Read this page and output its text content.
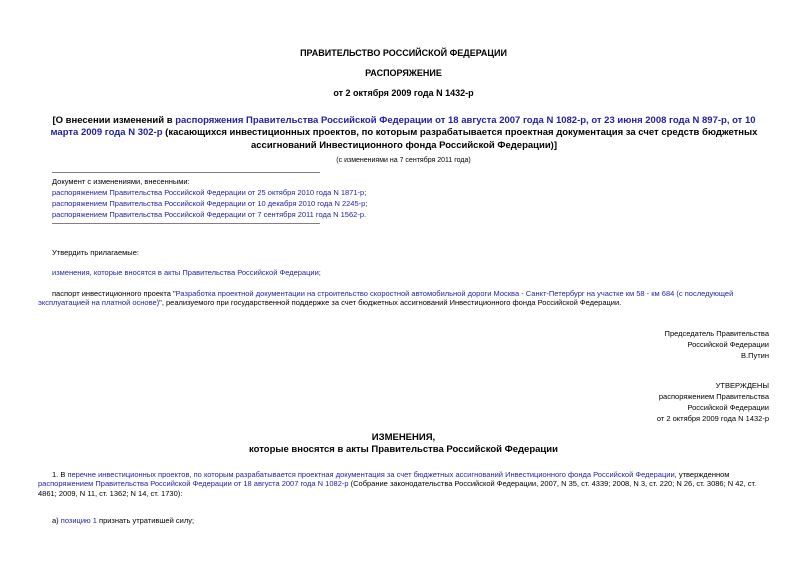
ПРАВИТЕЛЬСТВО РОССИЙСКОЙ ФЕДЕРАЦИИ
РАСПОРЯЖЕНИЕ
от 2 октября 2009 года N 1432-р
[О внесении изменений в распоряжения Правительства Российской Федерации от 18 августа 2007 года N 1082-р, от 23 июня 2008 года N 897-р, от 10 марта 2009 года N 302-р (касающихся инвестиционных проектов, по которым разрабатывается проектная документация за счет средств бюджетных ассигнований Инвестиционного фонда Российской Федерации)]
(с изменениями на 7 сентября 2011 года)
Документ с изменениями, внесенными:
распоряжением Правительства Российской Федерации от 25 октября 2010 года N 1871-р;
распоряжением Правительства Российской Федерации от 10 декабря 2010 года N 2245-р;
распоряжением Правительства Российской Федерации от 7 сентября 2011 года N 1562-р.
Утвердить прилагаемые:
изменения, которые вносятся в акты Правительства Российской Федерации;
паспорт инвестиционного проекта "Разработка проектной документации на строительство скоростной автомобильной дороги Москва - Санкт-Петербург на участке км 58 - км 684 (с последующей эксплуатацией на платной основе)", реализуемого при государственной поддержке за счет бюджетных ассигнований Инвестиционного фонда Российской Федерации.
Председатель Правительства
Российской Федерации
В.Путин
УТВЕРЖДЕНЫ
распоряжением Правительства
Российской Федерации
от 2 октября 2009 года N 1432-р
ИЗМЕНЕНИЯ,
которые вносятся в акты Правительства Российской Федерации
1. В перечне инвестиционных проектов, по которым разрабатывается проектная документация за счет бюджетных ассигнований Инвестиционного фонда Российской Федерации, утвержденном распоряжением Правительства Российской Федерации от 18 августа 2007 года N 1082-р (Собрание законодательства Российской Федерации, 2007, N 35, ст. 4339; 2008, N 3, ст. 220; N 26, ст. 3086; N 42, ст. 4861; 2009, N 11, ст. 1362; N 14, ст. 1730):
а) позицию 1 признать утратившей силу;
